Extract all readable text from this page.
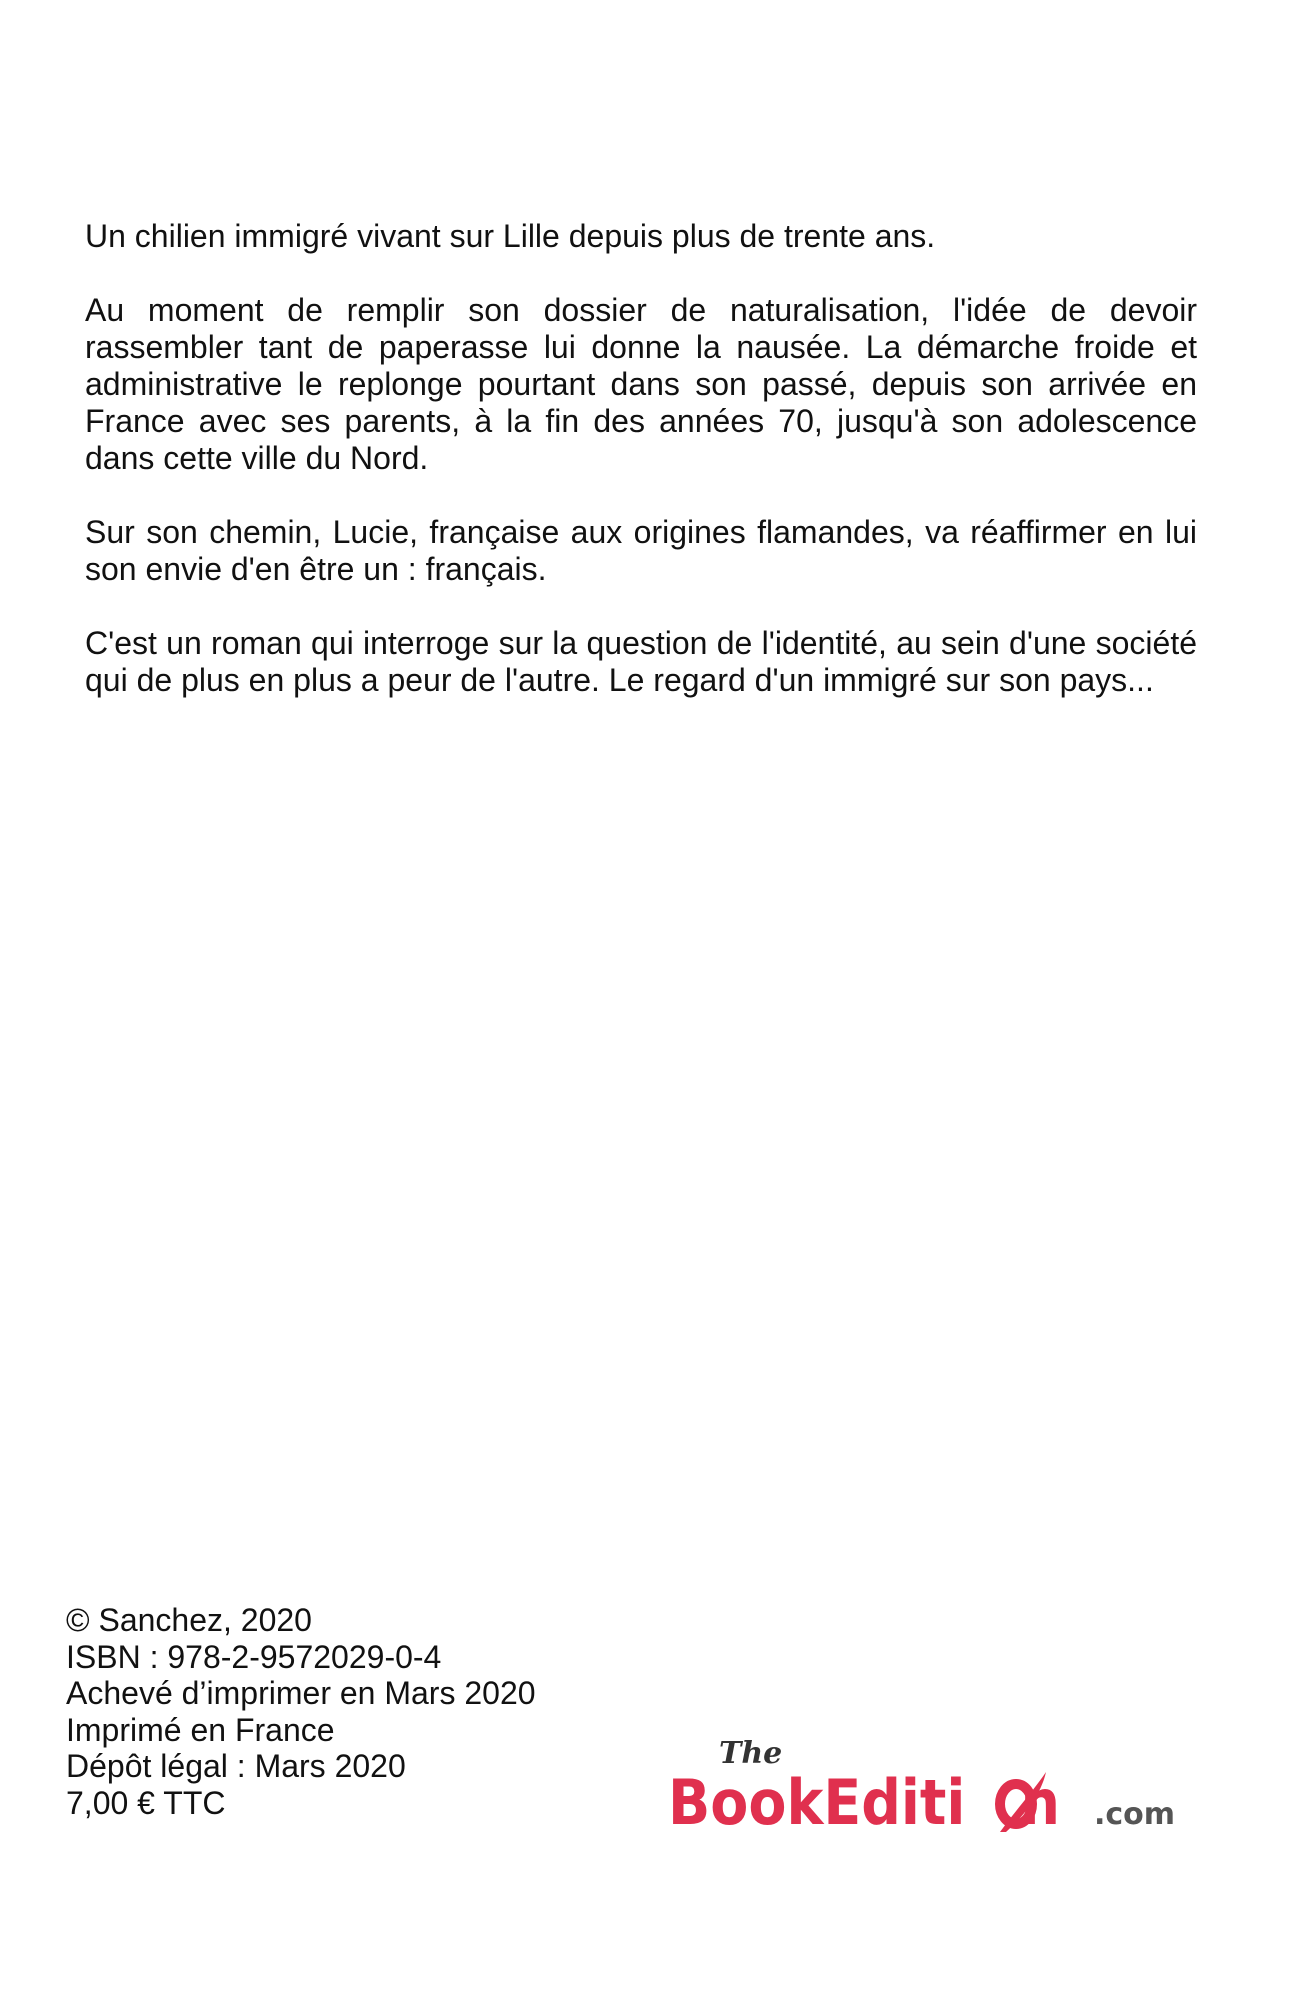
Un chilien immigré vivant sur Lille depuis plus de trente ans.

Au moment de remplir son dossier de naturalisation, l'idée de devoir rassembler tant de paperasse lui donne la nausée. La démarche froide et administrative le replonge pourtant dans son passé, depuis son arrivée en France avec ses parents, à la fin des années 70, jusqu'à son adolescence dans cette ville du Nord.

Sur son chemin, Lucie, française aux origines flamandes, va réaffirmer en lui son envie d'en être un : français.

C'est un roman qui interroge sur la question de l'identité, au sein d'une société qui de plus en plus a peur de l'autre. Le regard d'un immigré sur son pays...

© Sanchez, 2020
ISBN : 978-2-9572029-0-4
Achevé d’imprimer en Mars 2020
Imprimé en France
Dépôt légal : Mars 2020
7,00 € TTC
The
BookEditi n .com
